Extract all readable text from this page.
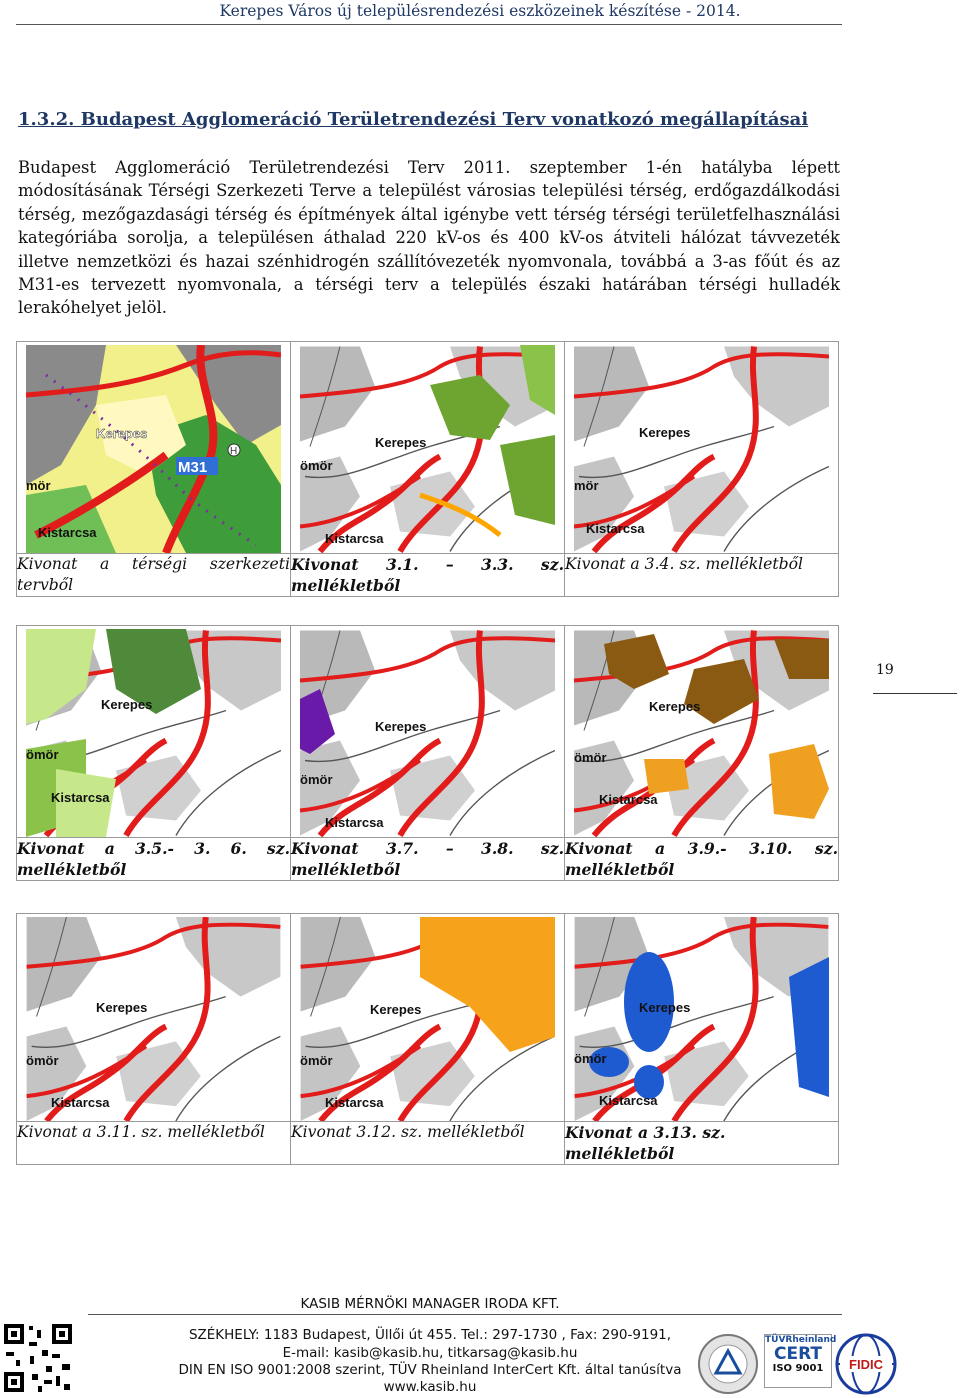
Kerepes Város új településrendezési eszközeinek készítése - 2014.
1.3.2. Budapest Agglomeráció Területrendezési Terv vonatkozó megállapításai
Budapest Agglomeráció Területrendezési Terv 2011. szeptember 1-én hatályba lépett módosításának Térségi Szerkezeti Terve a települést városias települési térség, erdőgazdálkodási térség, mezőgazdasági térség és építmények által igénybe vett térség térségi területfelhasználási kategóriába sorolja, a településen áthalad 220 kV-os és 400 kV-os átviteli hálózat távvezeték illetve nemzetközi és hazai szénhidrogén szállítóvezeték nyomvonala, továbbá a 3-as főút és az M31-es tervezett nyomvonala, a térségi terv a település északi határában térségi hulladék lerakóhelyet jelöl.
M31
H
Kerepes
mör
Kistarcsa	Kerepes
ömör
Kistarcsa	Kerepes
mör
Kistarcsa

Kivonat a térségi szerkezeti tervből	Kivonat 3.1. – 3.3. sz. mellékletből	Kivonat a 3.4. sz. mellékletből
Kerepes
ömör
Kistarcsa	Kerepes
ömör
Kistarcsa	Kerepes
ömör
Kistarcsa

Kivonat a 3.5.- 3. 6. sz. mellékletből	Kivonat 3.7. – 3.8. sz. mellékletből	Kivonat a 3.9.- 3.10. sz. mellékletből
Kerepes
ömör
Kistarcsa	Kerepes
ömör
Kistarcsa	Kerepes
ömör
Kistarcsa

Kivonat a 3.11. sz. mellékletből	Kivonat 3.12. sz. mellékletből	Kivonat a 3.13. sz. mellékletből
19
KASIB MÉRNÖKI MANAGER IRODA KFT.
SZÉKHELY: 1183 Budapest, Üllői út 455. Tel.: 297-1730 , Fax: 290-9191,
E-mail: kasib@kasib.hu, titkarsag@kasib.hu
DIN EN ISO 9001:2008 szerint, TÜV Rheinland InterCert Kft. által tanúsítva
www.kasib.hu
TÜVRheinland
CERT
ISO 9001	FIDIC
